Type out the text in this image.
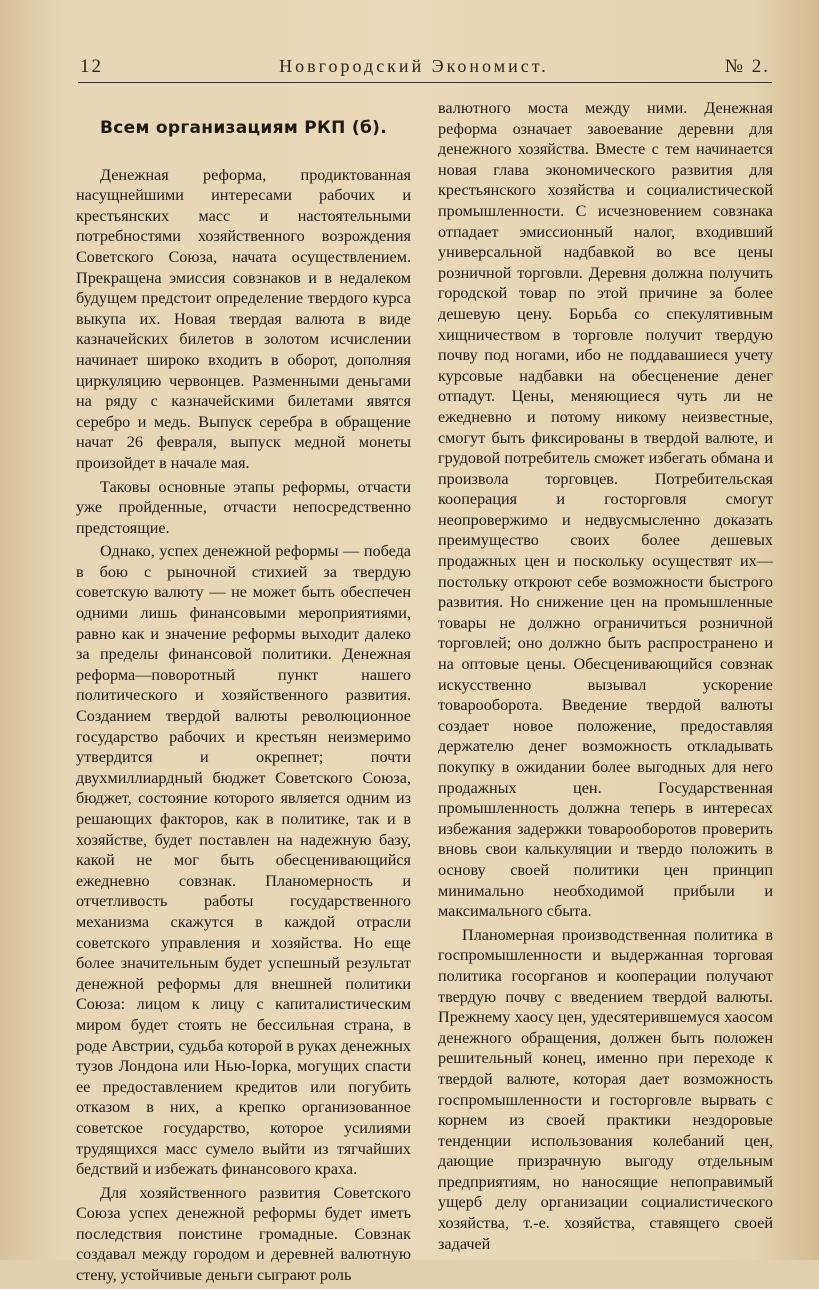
12	Новгородский Экономист.	№ 2.
Всем организациям РКП (б).

Денежная реформа, продиктованная насущнейшими интересами рабочих и крестьянских масс и настоятельными потребностями хозяйственного возрождения Советского Союза, начата осуществлением. Прекращена эмиссия совзнаков и в недалеком будущем предстоит определение твердого курса выкупа их. Новая твердая валюта в виде казначейских билетов в золотом исчислении начинает широко входить в оборот, дополняя циркуляцию червонцев. Разменными деньгами на ряду с казначейскими билетами явятся серебро и медь. Выпуск серебра в обращение начат 26 февраля, выпуск медной монеты произойдет в начале мая.

Таковы основные этапы реформы, отчасти уже пройденные, отчасти непосредственно предстоящие.

Однако, успех денежной реформы — победа в бою с рыночной стихией за твердую советскую валюту — не может быть обеспечен одними лишь финансовыми мероприятиями, равно как и значение реформы выходит далеко за пределы финансовой политики. Денежная реформа—поворотный пункт нашего политического и хозяйственного развития. Созданием твердой валюты революционное государство рабочих и крестьян неизмеримо утвердится и окрепнет; почти двухмиллиардный бюджет Советского Союза, бюджет, состояние которого является одним из решающих факторов, как в политике, так и в хозяйстве, будет поставлен на надежную базу, какой не мог быть обесценивающийся ежедневно совзнак. Планомерность и отчетливость работы государственного механизма скажутся в каждой отрасли советского управления и хозяйства. Но еще более значительным будет успешный результат денежной реформы для внешней политики Союза: лицом к лицу с капиталистическим миром будет стоять не бессильная страна, в роде Австрии, судьба которой в руках денежных тузов Лондона или Нью-Іорка, могущих спасти ее предоставлением кредитов или погубить отказом в них, а крепко организованное советское государство, которое усилиями трудящихся масс сумело выйти из тягчайших бедствий и избежать финансового краха.

Для хозяйственного развития Советского Союза успех денежной реформы будет иметь последствия поистине громадные. Совзнак создавал между городом и деревней валютную стену, устойчивые деньги сыграют роль

валютного моста между ними. Денежная реформа означает завоевание деревни для денежного хозяйства. Вместе с тем начинается новая глава экономического развития для крестьянского хозяйства и социалистической промышленности. С исчезновением совзнака отпадает эмиссионный налог, входивший универсальной надбавкой во все цены розничной торговли. Деревня должна получить городской товар по этой причине за более дешевую цену. Борьба со спекулятивным хищничеством в торговле получит твердую почву под ногами, ибо не поддавашиеся учету курсовые надбавки на обесценение денег отпадут. Цены, меняющиеся чуть ли не ежедневно и потому никому неизвестные, смогут быть фиксированы в твердой валюте, и грудовой потребитель сможет избегать обмана и произвола торговцев. Потребительская кооперация и госторговля смогут неопровержимо и недвусмысленно доказать преимущество своих более дешевых продажных цен и поскольку осуществят их—постольку откроют себе возможности быстрого развития. Но снижение цен на промышленные товары не должно ограничиться розничной торговлей; оно должно быть распространено и на оптовые цены. Обесценивающийся совзнак искусственно вызывал ускорение товарооборота. Введение твердой валюты создает новое положение, предоставляя держателю денег возможность откладывать покупку в ожидании более выгодных для него продажных цен. Государственная промышленность должна теперь в интересах избежания задержки товарооборотов проверить вновь свои калькуляции и твердо положить в основу своей политики цен принцип минимально необходимой прибыли и максимального сбыта.

Планомерная производственная политика в госпромышленности и выдержанная торговая политика госорганов и кооперации получают твердую почву с введением твердой валюты. Прежнему хаосу цен, удесятерившемуся хаосом денежного обращения, должен быть положен решительный конец, именно при переходе к твердой валюте, которая дает возможность госпромышленности и госторговле вырвать с корнем из своей практики нездоровые тенденции использования колебаний цен, дающие призрачную выгоду отдельным предприятиям, но наносящие непоправимый ущерб делу организации социалистического хозяйства, т.-е. хозяйства, ставящего своей задачей
